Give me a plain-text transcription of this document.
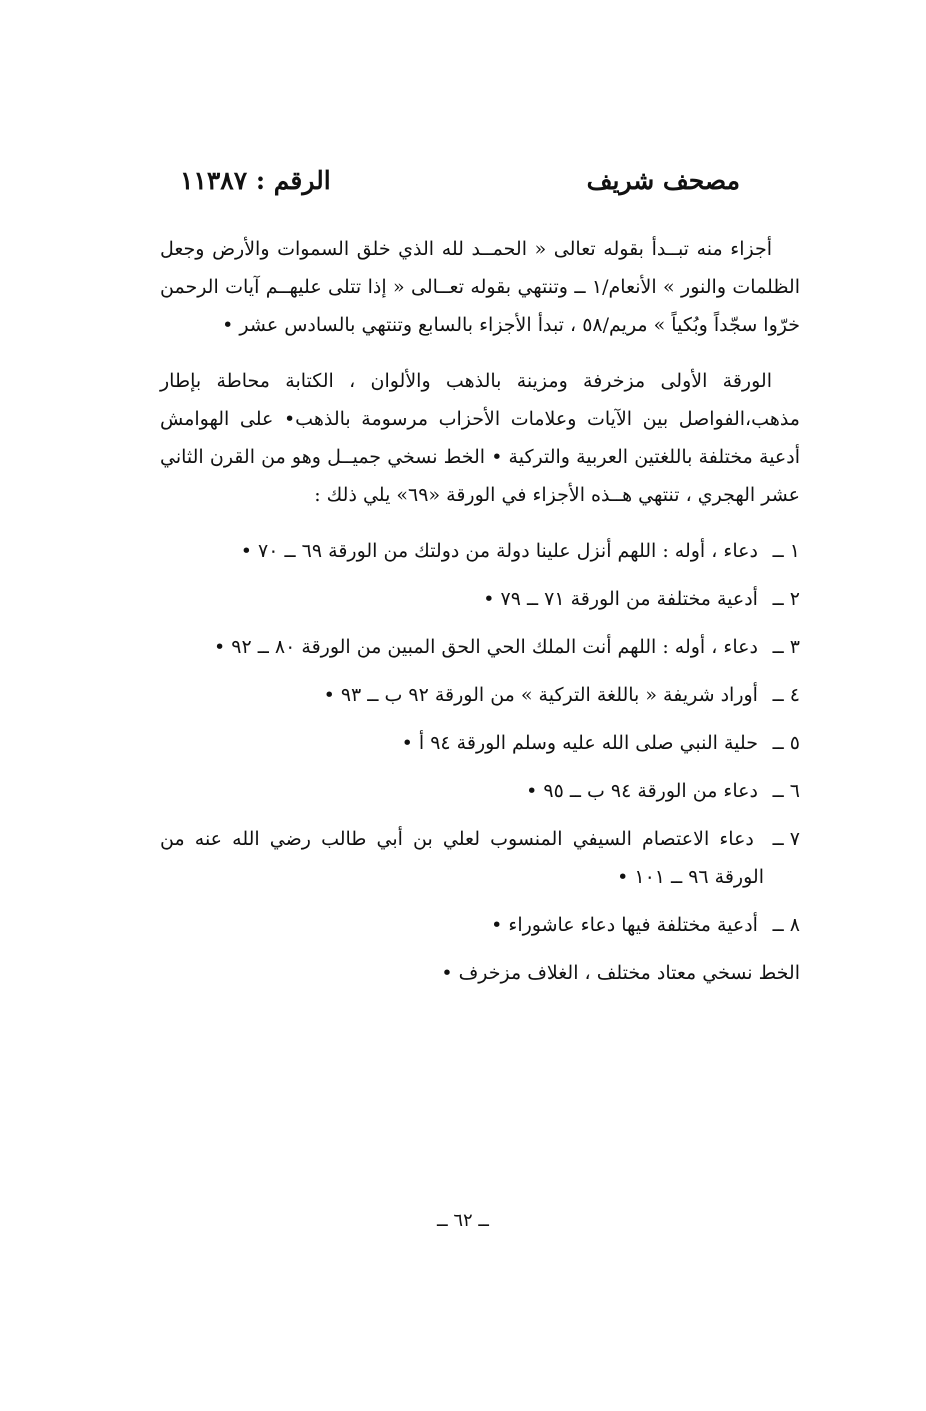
مصحف شريف
الرقم : ١١٣٨٧

أجزاء منه تبــدأ بقوله تعالى « الحمــد لله الذي خلق السموات والأرض وجعل الظلمات والنور » الأنعام/١ ــ وتنتهي بقوله تعــالى « إذا تتلى عليهــم آيات الرحمن خرّوا سجّداً وبُكياً » مريم/٥٨ ، تبدأ الأجزاء بالسابع وتنتهي بالسادس عشر •

الورقة الأولى مزخرفة ومزينة بالذهب والألوان ، الكتابة محاطة بإطار مذهب،الفواصل بين الآيات وعلامات الأحزاب مرسومة بالذهب• على الهوامش أدعية مختلفة باللغتين العربية والتركية • الخط نسخي جميــل وهو من القرن الثاني عشر الهجري ، تنتهي هــذه الأجزاء في الورقة «٦٩» يلي ذلك :

١ ــ دعاء ، أوله : اللهم أنزل علينا دولة من دولتك من الورقة ٦٩ ــ ٧٠ •
٢ ــ أدعية مختلفة من الورقة ٧١ ــ ٧٩ •
٣ ــ دعاء ، أوله : اللهم أنت الملك الحي الحق المبين من الورقة ٨٠ ــ ٩٢ •
٤ ــ أوراد شريفة « باللغة التركية » من الورقة ٩٢ ب ــ ٩٣ •
٥ ــ حلية النبي صلى الله عليه وسلم الورقة ٩٤ أ •
٦ ــ دعاء من الورقة ٩٤ ب ــ ٩٥ •
٧ ــ دعاء الاعتصام السيفي المنسوب لعلي بن أبي طالب رضي الله عنه من الورقة ٩٦ ــ ١٠١ •
٨ ــ أدعية مختلفة فيها دعاء عاشوراء •

الخط نسخي معتاد مختلف ، الغلاف مزخرف •

ــ ٦٢ ــ
